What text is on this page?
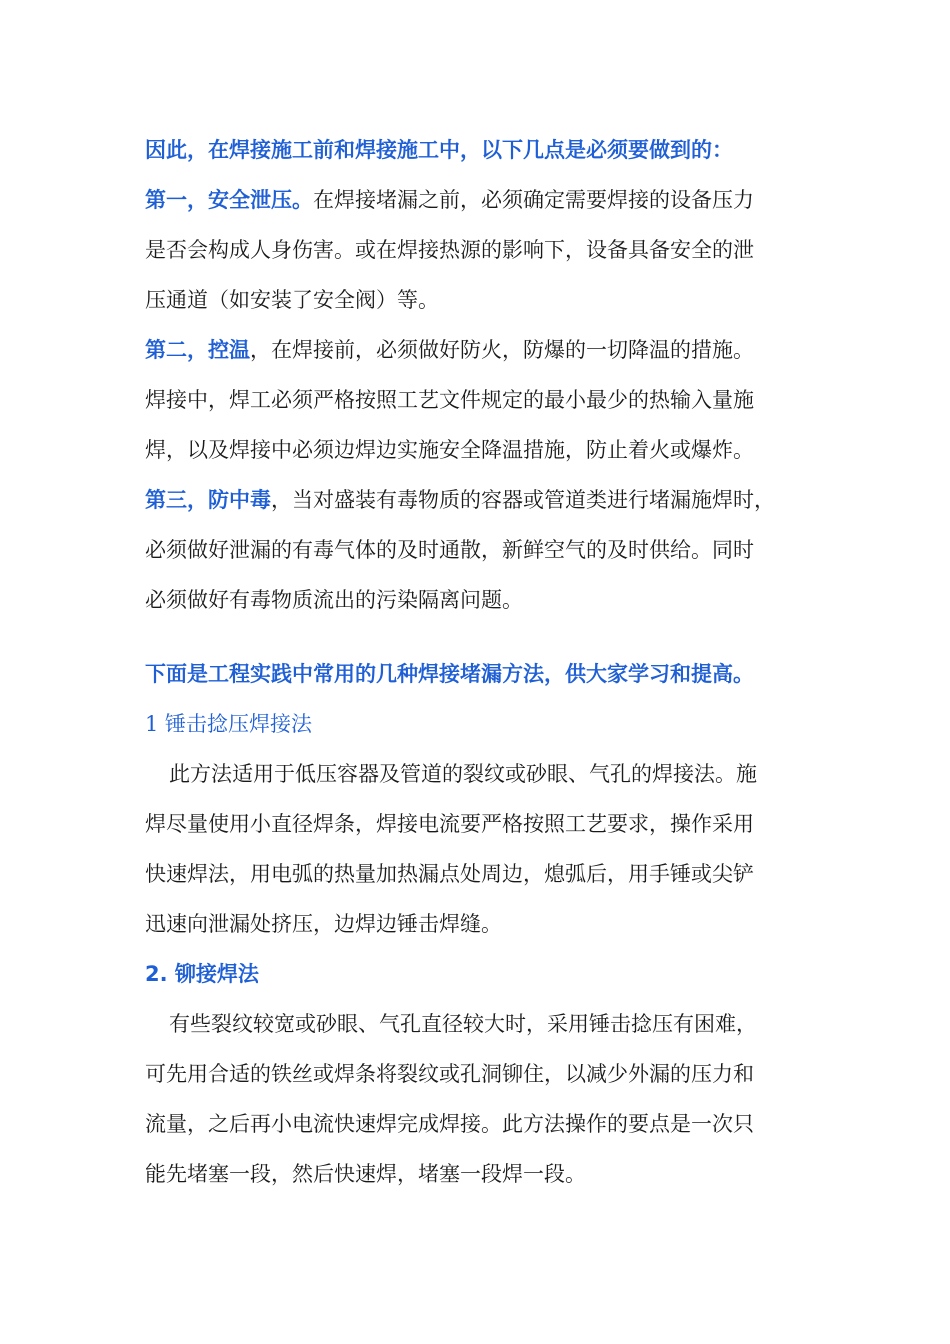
因此，在焊接施工前和焊接施工中，以下几点是必须要做到的：
第一，安全泄压。在焊接堵漏之前，必须确定需要焊接的设备压力
是否会构成人身伤害。或在焊接热源的影响下，设备具备安全的泄
压通道（如安装了安全阀）等。
第二，控温，在焊接前，必须做好防火，防爆的一切降温的措施。
焊接中，焊工必须严格按照工艺文件规定的最小最少的热输入量施
焊，以及焊接中必须边焊边实施安全降温措施，防止着火或爆炸。
第三，防中毒，当对盛装有毒物质的容器或管道类进行堵漏施焊时，
必须做好泄漏的有毒气体的及时通散，新鲜空气的及时供给。同时
必须做好有毒物质流出的污染隔离问题。
下面是工程实践中常用的几种焊接堵漏方法，供大家学习和提高。
1 锤击捻压焊接法
此方法适用于低压容器及管道的裂纹或砂眼、气孔的焊接法。施
焊尽量使用小直径焊条，焊接电流要严格按照工艺要求，操作采用
快速焊法，用电弧的热量加热漏点处周边，熄弧后，用手锤或尖铲
迅速向泄漏处挤压，边焊边锤击焊缝。
2. 铆接焊法
有些裂纹较宽或砂眼、气孔直径较大时，采用锤击捻压有困难，
可先用合适的铁丝或焊条将裂纹或孔洞铆住，以减少外漏的压力和
流量，之后再小电流快速焊完成焊接。此方法操作的要点是一次只
能先堵塞一段，然后快速焊，堵塞一段焊一段。
